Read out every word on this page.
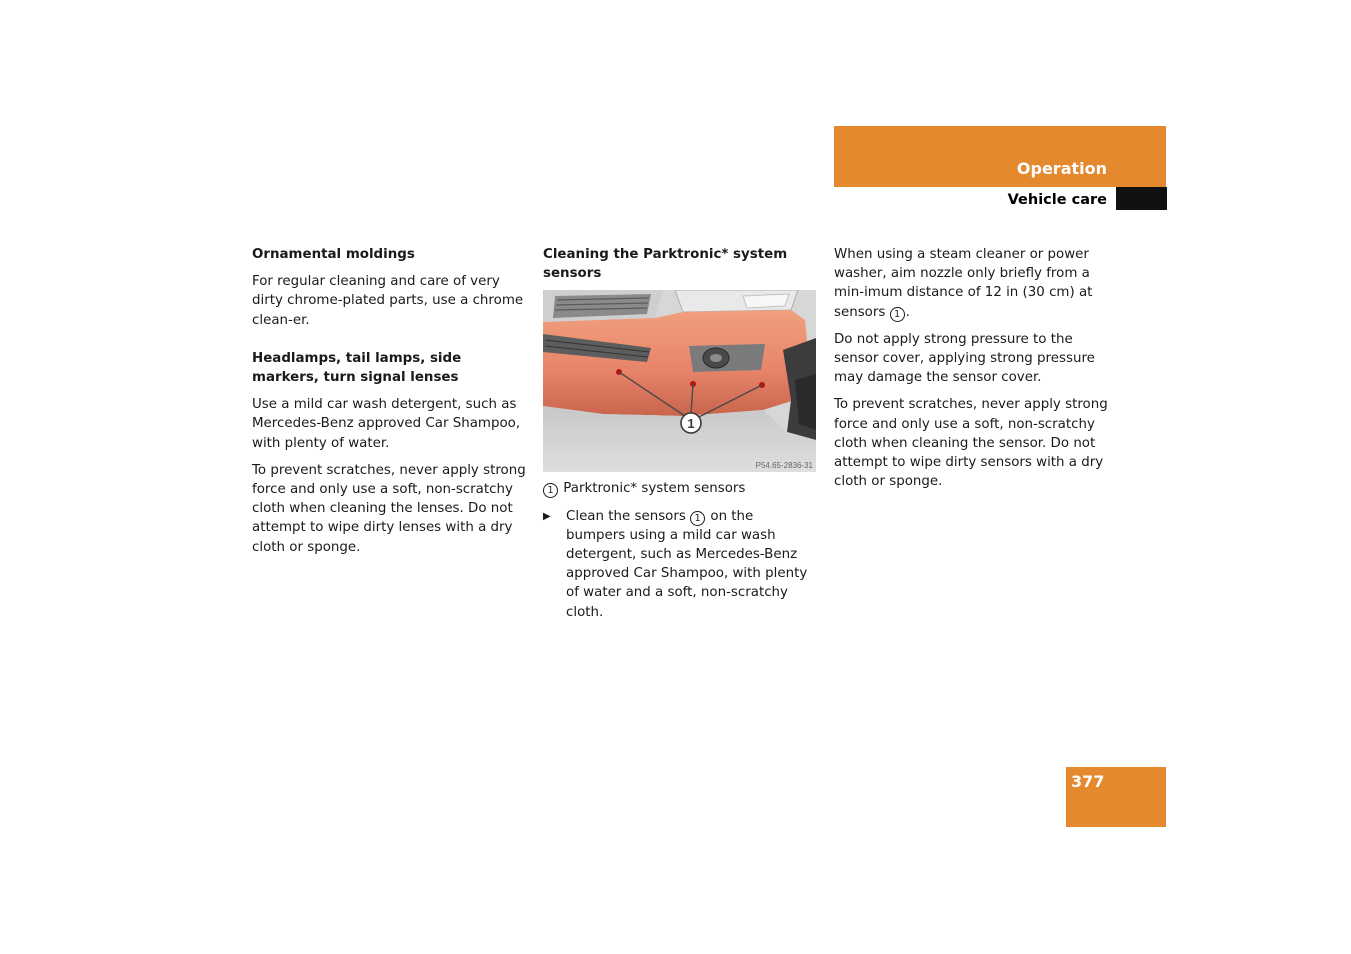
Operation
Vehicle care
Ornamental moldings

For regular cleaning and care of very dirty chrome-plated parts, use a chrome clean-er.

Headlamps, tail lamps, side markers, turn signal lenses

Use a mild car wash detergent, such as Mercedes-Benz approved Car Shampoo, with plenty of water.

To prevent scratches, never apply strong force and only use a soft, non-scratchy cloth when cleaning the lenses. Do not attempt to wipe dirty lenses with a dry cloth or sponge.

Cleaning the Parktronic* system sensors
1
P54.65-2836-31

1 Parktronic* system sensors

▶ Clean the sensors 1 on the bumpers using a mild car wash detergent, such as Mercedes-Benz approved Car Shampoo, with plenty of water and a soft, non-scratchy cloth.

When using a steam cleaner or power washer, aim nozzle only briefly from a min-imum distance of 12 in (30 cm) at sensors 1 .

Do not apply strong pressure to the sensor cover, applying strong pressure may damage the sensor cover.

To prevent scratches, never apply strong force and only use a soft, non-scratchy cloth when cleaning the sensor. Do not attempt to wipe dirty sensors with a dry cloth or sponge.

377
